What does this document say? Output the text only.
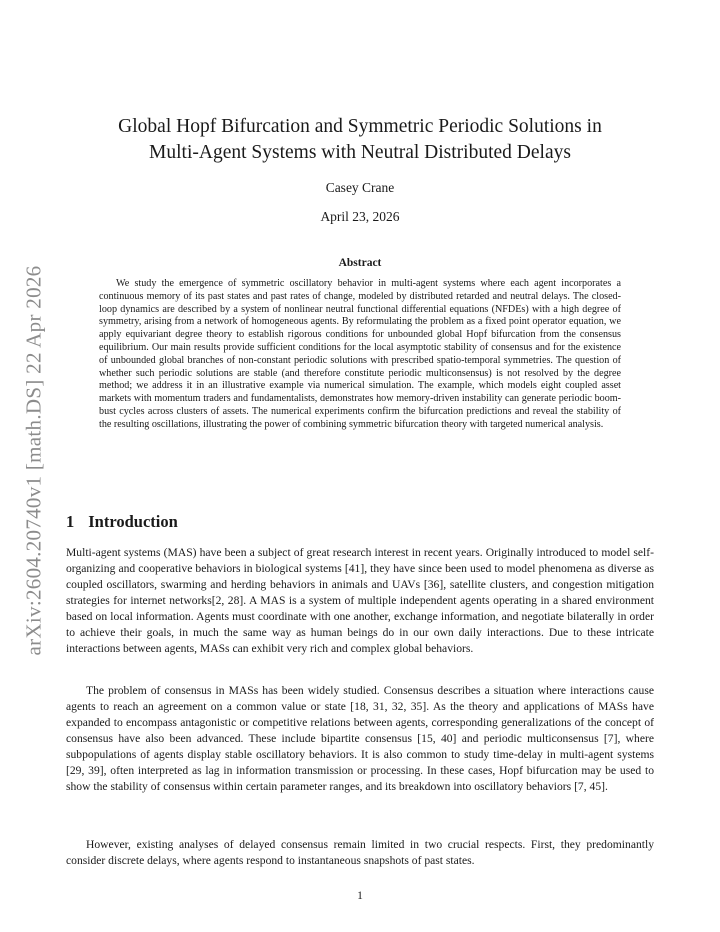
arXiv:2604.20740v1 [math.DS] 22 Apr 2026
Global Hopf Bifurcation and Symmetric Periodic Solutions in
Multi-Agent Systems with Neutral Distributed Delays
Casey Crane
April 23, 2026
Abstract

We study the emergence of symmetric oscillatory behavior in multi-agent systems where each agent incorporates a continuous memory of its past states and past rates of change, modeled by distributed retarded and neutral delays. The closed-loop dynamics are described by a system of nonlinear neutral functional differential equations (NFDEs) with a high degree of symmetry, arising from a network of homogeneous agents. By reformulating the problem as a fixed point operator equation, we apply equivariant degree theory to establish rigorous conditions for unbounded global Hopf bifurcation from the consensus equilibrium. Our main results provide sufficient conditions for the local asymptotic stability of consensus and for the existence of unbounded global branches of non-constant periodic solutions with prescribed spatio-temporal symmetries. The question of whether such periodic solutions are stable (and therefore constitute periodic multiconsensus) is not resolved by the degree method; we address it in an illustrative example via numerical simulation. The example, which models eight coupled asset markets with momentum traders and fundamentalists, demonstrates how memory-driven instability can generate periodic boom-bust cycles across clusters of assets. The numerical experiments confirm the bifurcation predictions and reveal the stability of the resulting oscillations, illustrating the power of combining symmetric bifurcation theory with targeted numerical analysis.

1 Introduction

Multi-agent systems (MAS) have been a subject of great research interest in recent years. Originally introduced to model self-organizing and cooperative behaviors in biological systems [41], they have since been used to model phenomena as diverse as coupled oscillators, swarming and herding behaviors in animals and UAVs [36], satellite clusters, and congestion mitigation strategies for internet networks[2, 28]. A MAS is a system of multiple independent agents operating in a shared environment based on local information. Agents must coordinate with one another, exchange information, and negotiate bilaterally in order to achieve their goals, in much the same way as human beings do in our own daily interactions. Due to these intricate interactions between agents, MASs can exhibit very rich and complex global behaviors.

The problem of consensus in MASs has been widely studied. Consensus describes a situation where interactions cause agents to reach an agreement on a common value or state [18, 31, 32, 35]. As the theory and applications of MASs have expanded to encompass antagonistic or competitive relations between agents, corresponding generalizations of the concept of consensus have also been advanced. These include bipartite consensus [15, 40] and periodic multiconsensus [7], where subpopulations of agents display stable oscillatory behaviors. It is also common to study time-delay in multi-agent systems [29, 39], often interpreted as lag in information transmission or processing. In these cases, Hopf bifurcation may be used to show the stability of consensus within certain parameter ranges, and its breakdown into oscillatory behaviors [7, 45].

However, existing analyses of delayed consensus remain limited in two crucial respects. First, they predominantly consider discrete delays, where agents respond to instantaneous snapshots of past states.

1
